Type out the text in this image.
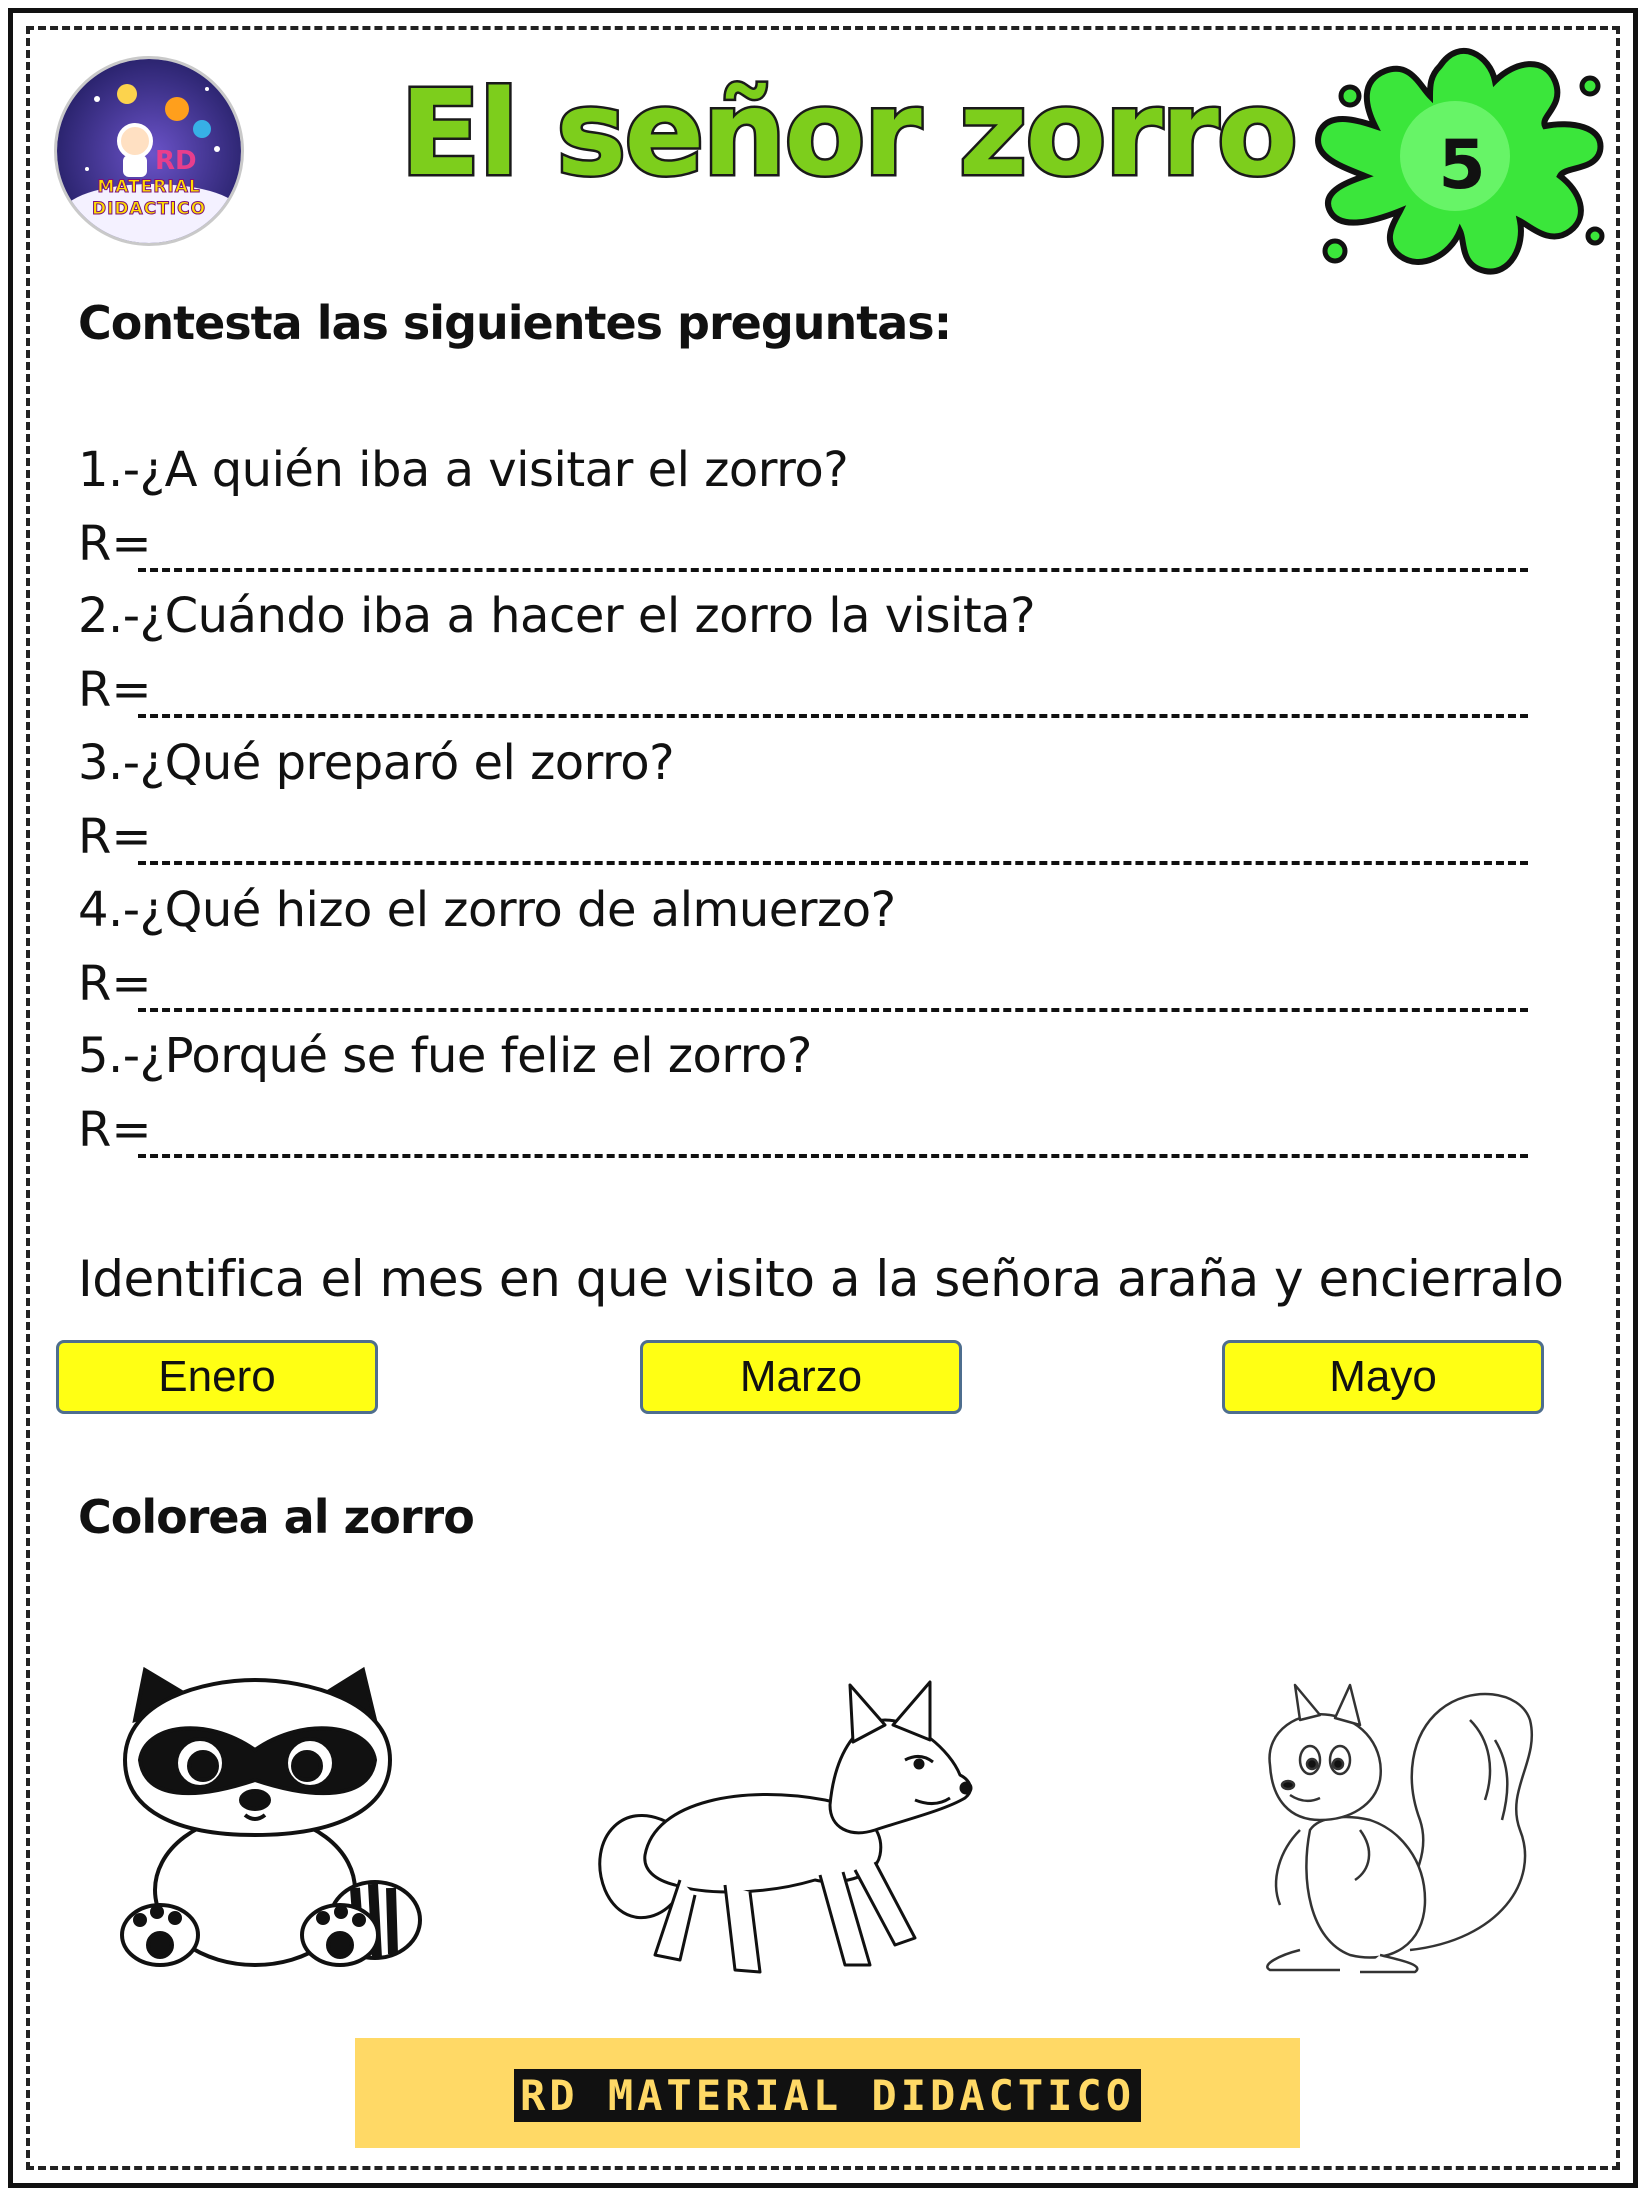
RD
MATERIAL
DIDACTICO
El señor zorro	5
Contesta las siguientes preguntas:
1.-¿A quién iba a visitar el zorro?
R=
2.-¿Cuándo iba a hacer el zorro la visita?
R=
3.-¿Qué preparó el zorro?
R=
4.-¿Qué hizo el zorro de almuerzo?
R=
5.-¿Porqué se fue feliz el zorro?
R=
Identifica el mes en que visito a la señora araña y encierralo
Enero	Marzo	Mayo
Colorea al zorro
RD MATERIAL DIDACTICO
